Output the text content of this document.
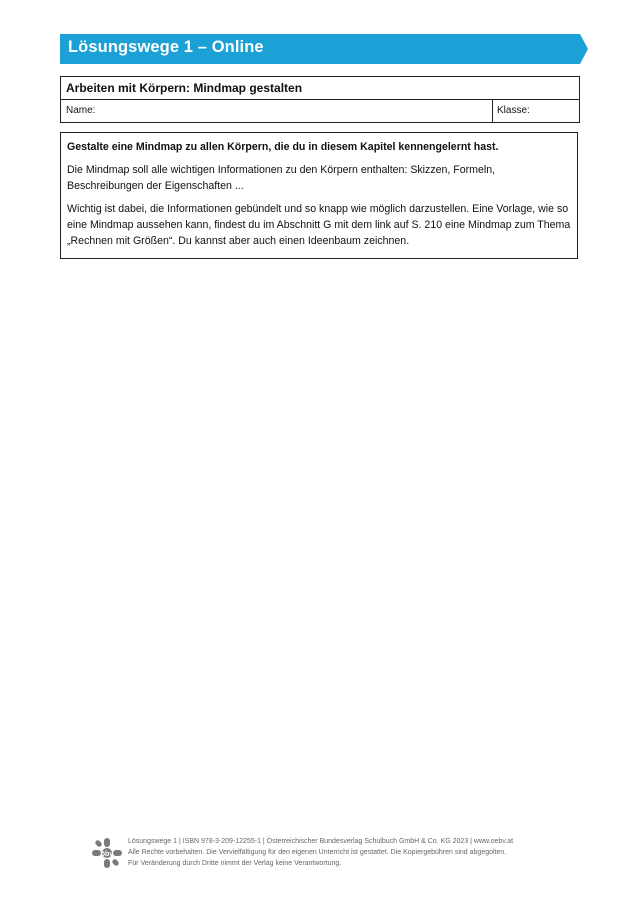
Lösungswege 1 – Online
Arbeiten mit Körpern: Mindmap gestalten
Name:	Klasse:

Gestalte eine Mindmap zu allen Körpern, die du in diesem Kapitel kennengelernt hast.

Die Mindmap soll alle wichtigen Informationen zu den Körpern enthalten: Skizzen, Formeln, Beschreibungen der Eigenschaften ...

Wichtig ist dabei, die Informationen gebündelt und so knapp wie möglich darzustellen. Eine Vorlage, wie so eine Mindmap aussehen kann, findest du im Abschnitt G mit dem link auf S. 210 eine Mindmap zum Thema „Rechnen mit Größen“. Du kannst aber auch einen Ideenbaum zeichnen.

öbv
Lösungswege 1 | ISBN 978-3-209-12255-1 | Österreichischer Bundesverlag Schulbuch GmbH & Co. KG 2023 | www.oebv.at
Alle Rechte vorbehalten. Die Vervielfältigung für den eigenen Unterricht ist gestattet. Die Kopiergebühren sind abgegolten.
Für Veränderung durch Dritte nimmt der Verlag keine Verantwortung.
